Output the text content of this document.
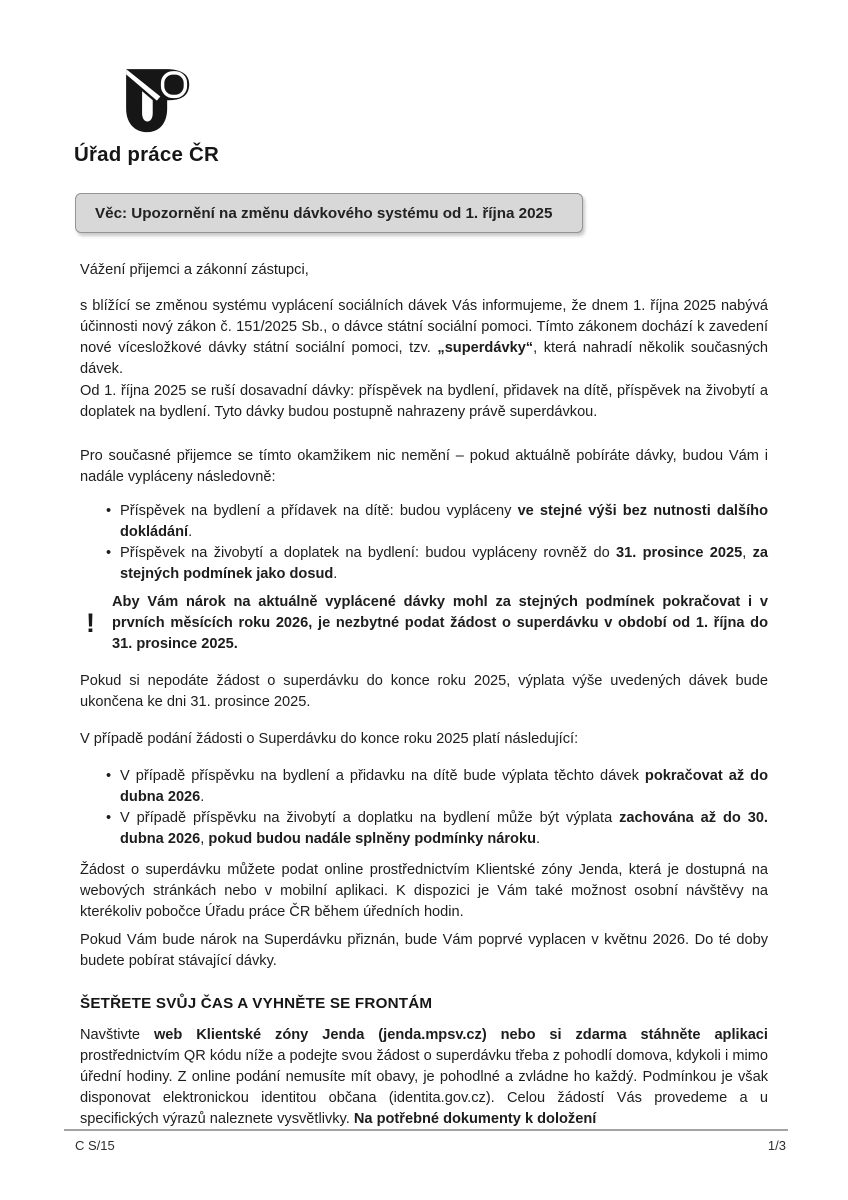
Úřad práce ČR
Věc: Upozornění na změnu dávkového systému od 1. října 2025

Vážení přijemci a zákonní zástupci,

s blížící se změnou systému vyplácení sociálních dávek Vás informujeme, že dnem 1. října 2025 nabývá účinnosti nový zákon č. 151/2025 Sb., o dávce státní sociální pomoci. Tímto zákonem dochází k zavedení nové vícesložkové dávky státní sociální pomoci, tzv. „superdávky“, která nahradí několik současných dávek.

Od 1. října 2025 se ruší dosavadní dávky: příspěvek na bydlení, přidavek na dítě, příspěvek na živobytí a doplatek na bydlení. Tyto dávky budou postupně nahrazeny právě superdávkou.

Pro současné přijemce se tímto okamžikem nic nemění – pokud aktuálně pobíráte dávky, budou Vám i nadále vypláceny následovně:

• Příspěvek na bydlení a přídavek na dítě: budou vypláceny ve stejné výši bez nutnosti dalšího dokládání.
• Příspěvek na živobytí a doplatek na bydlení: budou vypláceny rovněž do 31. prosince 2025, za stejných podmínek jako dosud.
!

Aby Vám nárok na aktuálně vyplácené dávky mohl za stejných podmínek pokračovat i v prvních měsících roku 2026, je nezbytné podat žádost o superdávku v období od 1. října do 31. prosince 2025.

Pokud si nepodáte žádost o superdávku do konce roku 2025, výplata výše uvedených dávek bude ukončena ke dni 31. prosince 2025.

V případě podání žádosti o Superdávku do konce roku 2025 platí následující:

• V případě příspěvku na bydlení a přidavku na dítě bude výplata těchto dávek pokračovat až do dubna 2026.
• V případě příspěvku na živobytí a doplatku na bydlení může být výplata zachována až do 30. dubna 2026, pokud budou nadále splněny podmínky nároku.

Žádost o superdávku můžete podat online prostřednictvím Klientské zóny Jenda, která je dostupná na webových stránkách nebo v mobilní aplikaci. K dispozici je Vám také možnost osobní návštěvy na kterékoliv pobočce Úřadu práce ČR během úředních hodin.

Pokud Vám bude nárok na Superdávku přiznán, bude Vám poprvé vyplacen v květnu 2026. Do té doby budete pobírat stávající dávky.

ŠETŘETE SVŮJ ČAS A VYHNĚTE SE FRONTÁM

Navštivte web Klientské zóny Jenda (jenda.mpsv.cz) nebo si zdarma stáhněte aplikaci prostřednictvím QR kódu níže a podejte svou žádost o superdávku třeba z pohodlí domova, kdykoli i mimo úřední hodiny. Z online podání nemusíte mít obavy, je pohodlné a zvládne ho každý. Podmínkou je však disponovat elektronickou identitou občana (identita.gov.cz). Celou žádostí Vás provedeme a u specifických výrazů naleznete vysvětlivky. Na potřebné dokumenty k doložení

C S/15	1/3
